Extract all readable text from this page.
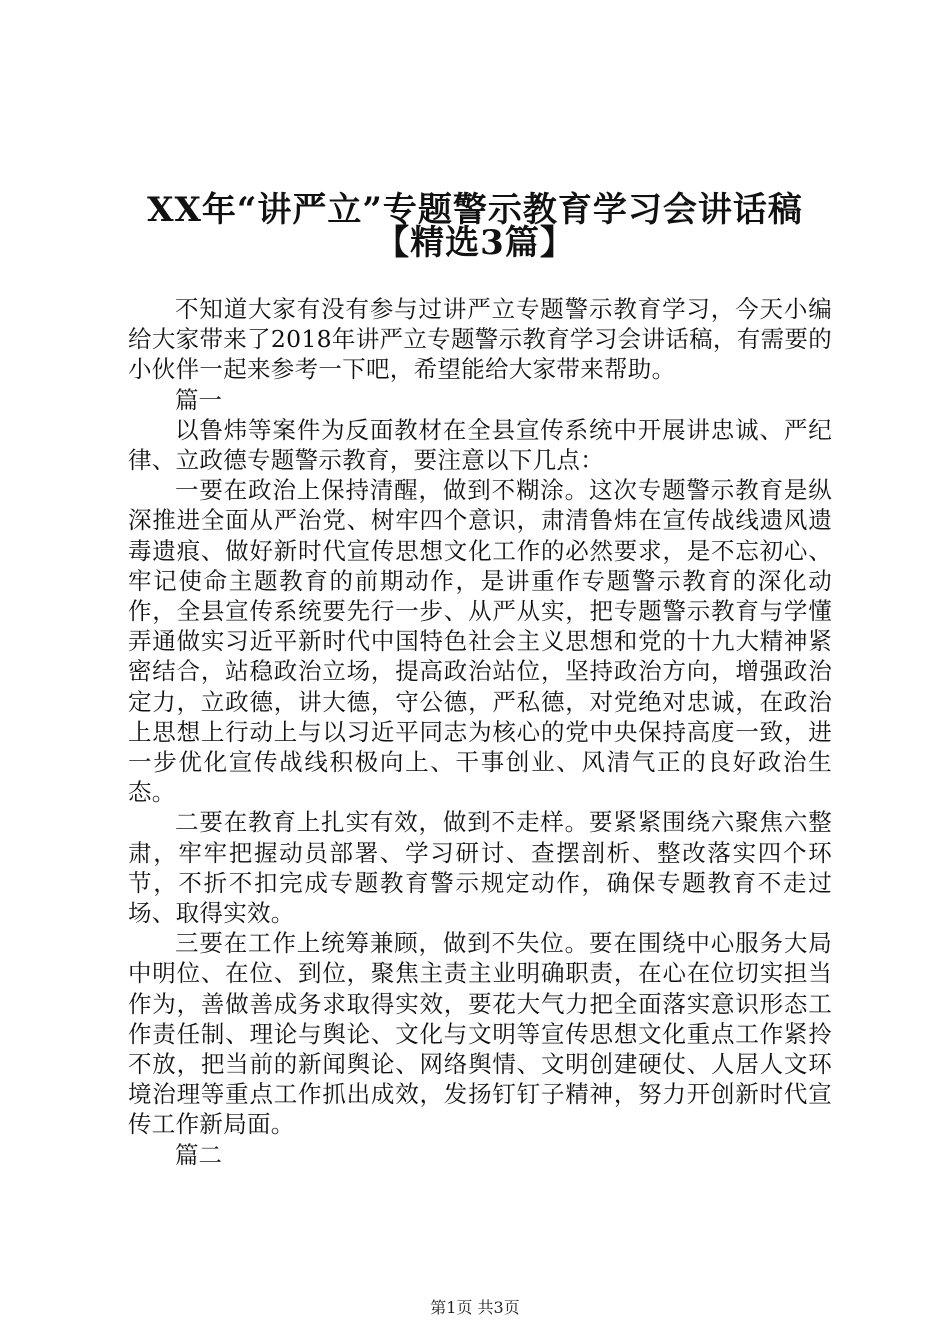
XX年“讲严立”专题警示教育学习会讲话稿
【精选3篇】

不知道大家有没有参与过讲严立专题警示教育学习，今天小编给大家带来了2018年讲严立专题警示教育学习会讲话稿，有需要的小伙伴一起来参考一下吧，希望能给大家带来帮助。

篇一

以鲁炜等案件为反面教材在全县宣传系统中开展讲忠诚、严纪律、立政德专题警示教育，要注意以下几点：

一要在政治上保持清醒，做到不糊涂。这次专题警示教育是纵深推进全面从严治党、树牢四个意识，肃清鲁炜在宣传战线遗风遗毒遗痕、做好新时代宣传思想文化工作的必然要求，是不忘初心、牢记使命主题教育的前期动作，是讲重作专题警示教育的深化动作，全县宣传系统要先行一步、从严从实，把专题警示教育与学懂弄通做实习近平新时代中国特色社会主义思想和党的十九大精神紧密结合，站稳政治立场，提高政治站位，坚持政治方向，增强政治定力，立政德，讲大德，守公德，严私德，对党绝对忠诚，在政治上思想上行动上与以习近平同志为核心的党中央保持高度一致，进一步优化宣传战线积极向上、干事创业、风清气正的良好政治生态。

二要在教育上扎实有效，做到不走样。要紧紧围绕六聚焦六整肃，牢牢把握动员部署、学习研讨、查摆剖析、整改落实四个环节，不折不扣完成专题教育警示规定动作，确保专题教育不走过场、取得实效。

三要在工作上统筹兼顾，做到不失位。要在围绕中心服务大局中明位、在位、到位，聚焦主责主业明确职责，在心在位切实担当作为，善做善成务求取得实效，要花大气力把全面落实意识形态工作责任制、理论与舆论、文化与文明等宣传思想文化重点工作紧拎不放，把当前的新闻舆论、网络舆情、文明创建硬仗、人居人文环境治理等重点工作抓出成效，发扬钉钉子精神，努力开创新时代宣传工作新局面。

篇二

第1页 共3页
